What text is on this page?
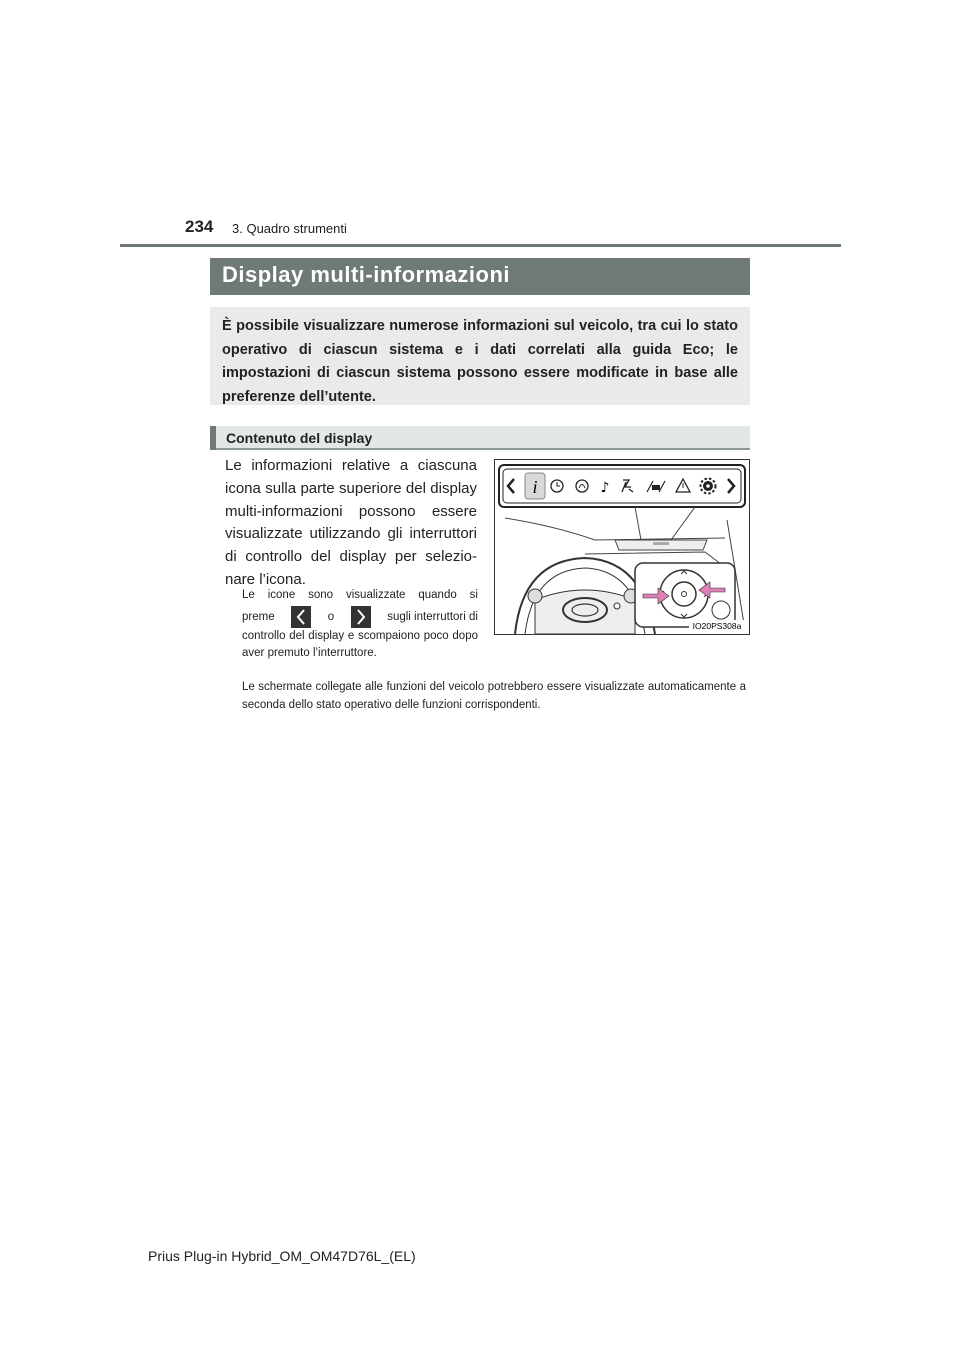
234 3. Quadro strumenti
Display multi-informazioni
È possibile visualizzare numerose informazioni sul veicolo, tra cui lo stato operativo di ciascun sistema e i dati correlati alla guida Eco; le impostazioni di ciascun sistema possono essere modificate in base alle preferenze dell’utente.
Contenuto del display
Le informazioni relative a ciascuna icona sulla parte superiore del display multi-informazioni possono essere visualizzate utilizzando gli interruttori di controllo del display per selezio-nare l’icona.
Le icone sono visualizzate quando si
preme	o	sugli interruttori di
controllo del display e scompaiono poco dopo aver premuto l’interruttore.
Le schermate collegate alle funzioni del veicolo potrebbero essere visualizzate automaticamente a seconda dello stato operativo delle funzioni corrispondenti.
i	♪
IO20PS308a
Prius Plug-in Hybrid_OM_OM47D76L_(EL)
